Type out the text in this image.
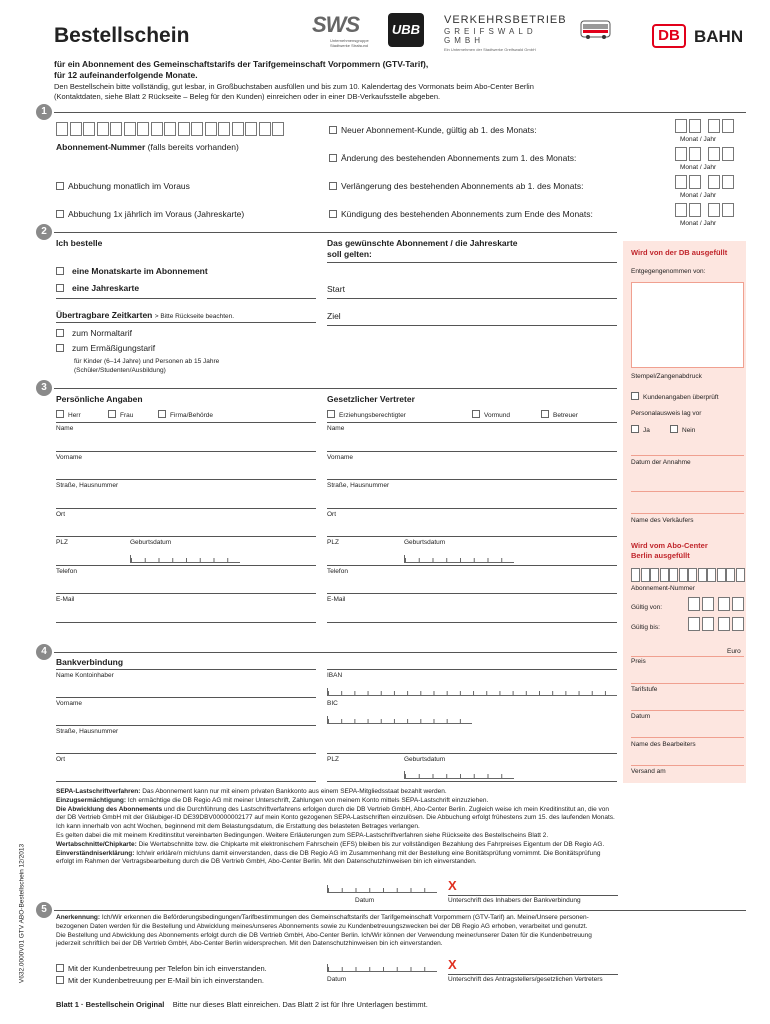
Bestellschein	SWS
Unternehmensgruppe Stadtwerke Stralsund
UBB
VERKEHRSBETRIEB
GREIFSWALD GMBH
Ein Unternehmen der Stadtwerke Greifswald GmbH
DB BAHN
für ein Abonnement des Gemeinschaftstarifs der Tarifgemeinschaft Vorpommern (GTV-Tarif),
für 12 aufeinanderfolgende Monate.
Den Bestellschein bitte vollständig, gut lesbar, in Großbuchstaben ausfüllen und bis zum 10. Kalendertag des Vormonats beim Abo-Center Berlin
(Kontaktdaten, siehe Blatt 2 Rückseite – Beleg für den Kunden) einreichen oder in einer DB-Verkaufsstelle abgeben.
1
Abonnement-Nummer (falls bereits vorhanden)
Neuer Abonnement-Kunde, gültig ab 1. des Monats:
Änderung des bestehenden Abonnements zum 1. des Monats:
Verlängerung des bestehenden Abonnements ab 1. des Monats:
Kündigung des bestehenden Abonnements zum Ende des Monats:
Abbuchung monatlich im Voraus
Abbuchung 1x jährlich im Voraus (Jahreskarte)
Monat / Jahr
Monat / Jahr
Monat / Jahr
Monat / Jahr
2
Ich bestelle
eine Monatskarte im Abonnement
eine Jahreskarte
Übertragbare Zeitkarten > Bitte Rückseite beachten.
zum Normaltarif
zum Ermäßigungstarif
für Kinder (6–14 Jahre) und Personen ab 15 Jahre
(Schüler/Studenten/Ausbildung)
Das gewünschte Abonnement / die Jahreskarte
soll gelten:
Start
Ziel
Wird von der DB ausgefüllt
Entgegengenommen von:
Stempel/Zangenabdruck
Kundenangaben überprüft
Personalausweis lag vor
Ja	Nein
Datum der Annahme
Name des Verkäufers
Wird vom Abo-Center
Berlin ausgefüllt
Abonnement-Nummer
Gültig von:
Gültig bis:
Euro
Preis
Tarifstufe
Datum
Name des Bearbeiters
Versand am
3
Persönliche Angaben
Herr	Frau	Firma/Behörde
Name
Vorname
Straße, Hausnummer
Ort
PLZ	Geburtsdatum
Telefon
E-Mail
Gesetzlicher Vertreter
Erziehungsberechtigter	Vormund	Betreuer
Name
Vorname
Straße, Hausnummer
Ort
PLZ	Geburtsdatum
Telefon
E-Mail
4
Bankverbindung
Name Kontoinhaber
Vorname
Straße, Hausnummer
Ort
IBAN
BIC
PLZ	Geburtsdatum
SEPA-Lastschriftverfahren: Das Abonnement kann nur mit einem privaten Bankkonto aus einem SEPA-Mitgliedsstaat bezahlt werden.
Einzugsermächtigung: Ich ermächtige die DB Regio AG mit meiner Unterschrift, Zahlungen von meinem Konto mittels SEPA-Lastschrift einzuziehen.
Die Abwicklung des Abonnements und die Durchführung des Lastschriftverfahrens erfolgen durch die DB Vertrieb GmbH, Abo-Center Berlin. Zugleich weise ich mein Kreditinstitut an, die von
der DB Vertrieb GmbH mit der Gläubiger-ID DE39DBV00000002177 auf mein Konto gezogenen SEPA-Lastschriften einzulösen. Die Abbuchung erfolgt frühestens zum 15. des laufenden Monats.
Ich kann innerhalb von acht Wochen, beginnend mit dem Belastungsdatum, die Erstattung des belasteten Betrages verlangen.
Es gelten dabei die mit meinem Kreditinstitut vereinbarten Bedingungen. Weitere Erläuterungen zum SEPA-Lastschriftverfahren siehe Rückseite des Bestellscheins Blatt 2.
Wertabschnitte/Chipkarte: Die Wertabschnitte bzw. die Chipkarte mit elektronischem Fahrschein (EFS) bleiben bis zur vollständigen Bezahlung des Fahrpreises Eigentum der DB Regio AG.
Einverständniserklärung: Ich/wir erkläre/n mich/uns damit einverstanden, dass die DB Regio AG im Zusammenhang mit der Bestellung eine Bonitätsprüfung vornimmt. Die Bonitätsprüfung
erfolgt im Rahmen der Vertragsbearbeitung durch die DB Vertrieb GmbH, Abo-Center Berlin. Mit den Datenschutzhinweisen bin ich einverstanden.
Datum
X
Unterschrift des Inhabers der Bankverbindung
5
Anerkennung: Ich/Wir erkennen die Beförderungsbedingungen/Tarifbestimmungen des Gemeinschaftstarifs der Tarifgemeinschaft Vorpommern (GTV-Tarif) an. Meine/Unsere personen-
bezogenen Daten werden für die Bestellung und Abwicklung meines/unseres Abonnements sowie zu Kundenbetreuungszwecken bei der DB Regio AG erhoben, verarbeitet und genutzt.
Die Bestellung und Abwicklung des Abonnements erfolgt durch die DB Vertrieb GmbH, Abo-Center Berlin. Ich/Wir können der Verwendung meiner/unserer Daten für die Kundenbetreuung
jederzeit schriftlich bei der DB Vertrieb GmbH, Abo-Center Berlin widersprechen. Mit den Datenschutzhinweisen bin ich einverstanden.
Mit der Kundenbetreuung per Telefon bin ich einverstanden.
Mit der Kundenbetreuung per E-Mail bin ich einverstanden.	Datum
X
Unterschrift des Antragstellers/gesetzlichen Vertreters
Blatt 1 · Bestellschein Original Bitte nur dieses Blatt einreichen. Das Blatt 2 ist für Ihre Unterlagen bestimmt.
V632.0000V01 GTV ABO-Bestellschein 12/2013
